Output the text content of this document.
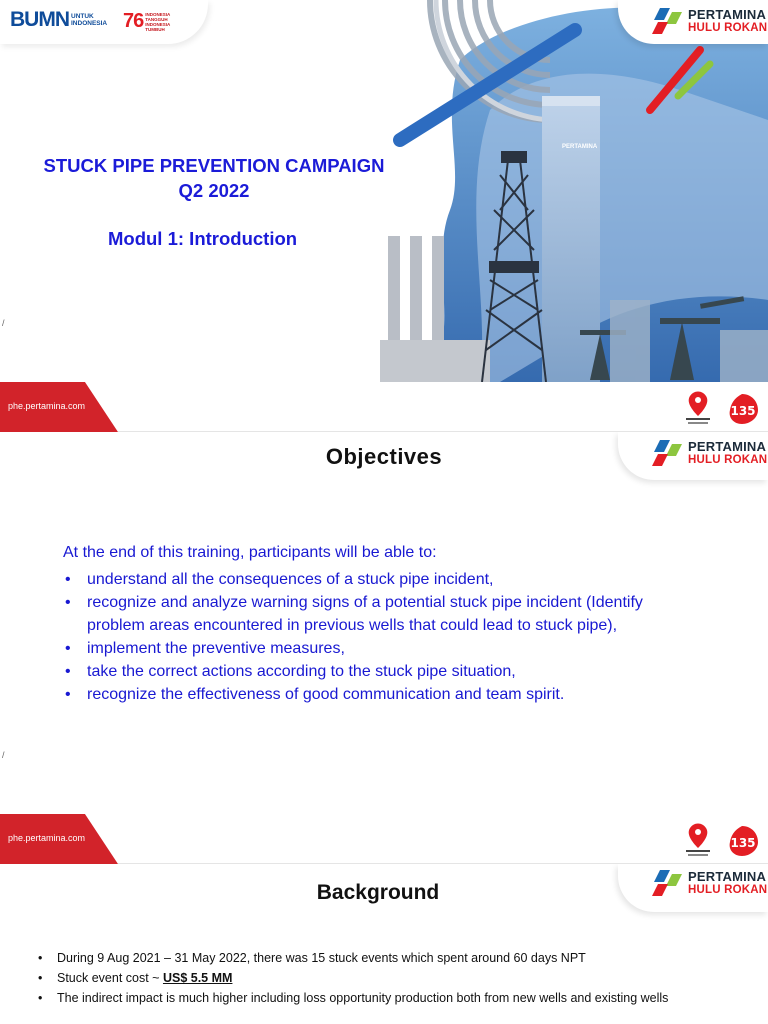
PERTAMINA
BUMN UNTUK
INDONESIA 76 INDONESIA
TANGGUH
INDONESIA
TUMBUH
PERTAMINA
HULU ROKAN
STUCK PIPE PREVENTION CAMPAIGN
Q2 2022
Modul 1: Introduction
/
phe.pertamina.com	135
PERTAMINA
HULU ROKAN
Objectives
At the end of this training, participants will be able to:
• understand all the consequences of a stuck pipe incident,
• recognize and analyze warning signs of a potential stuck pipe incident (Identify problem areas encountered in previous wells that could lead to stuck pipe),
• implement the preventive measures,
• take the correct actions according to the stuck pipe situation,
• recognize the effectiveness of good communication and team spirit.
/
phe.pertamina.com	135
PERTAMINA
HULU ROKAN
Background
• During 9 Aug 2021 – 31 May 2022, there was 15 stuck events which spent around 60 days NPT
• Stuck event cost ~ US$ 5.5 MM
• The indirect impact is much higher including loss opportunity production both from new wells and existing wells
